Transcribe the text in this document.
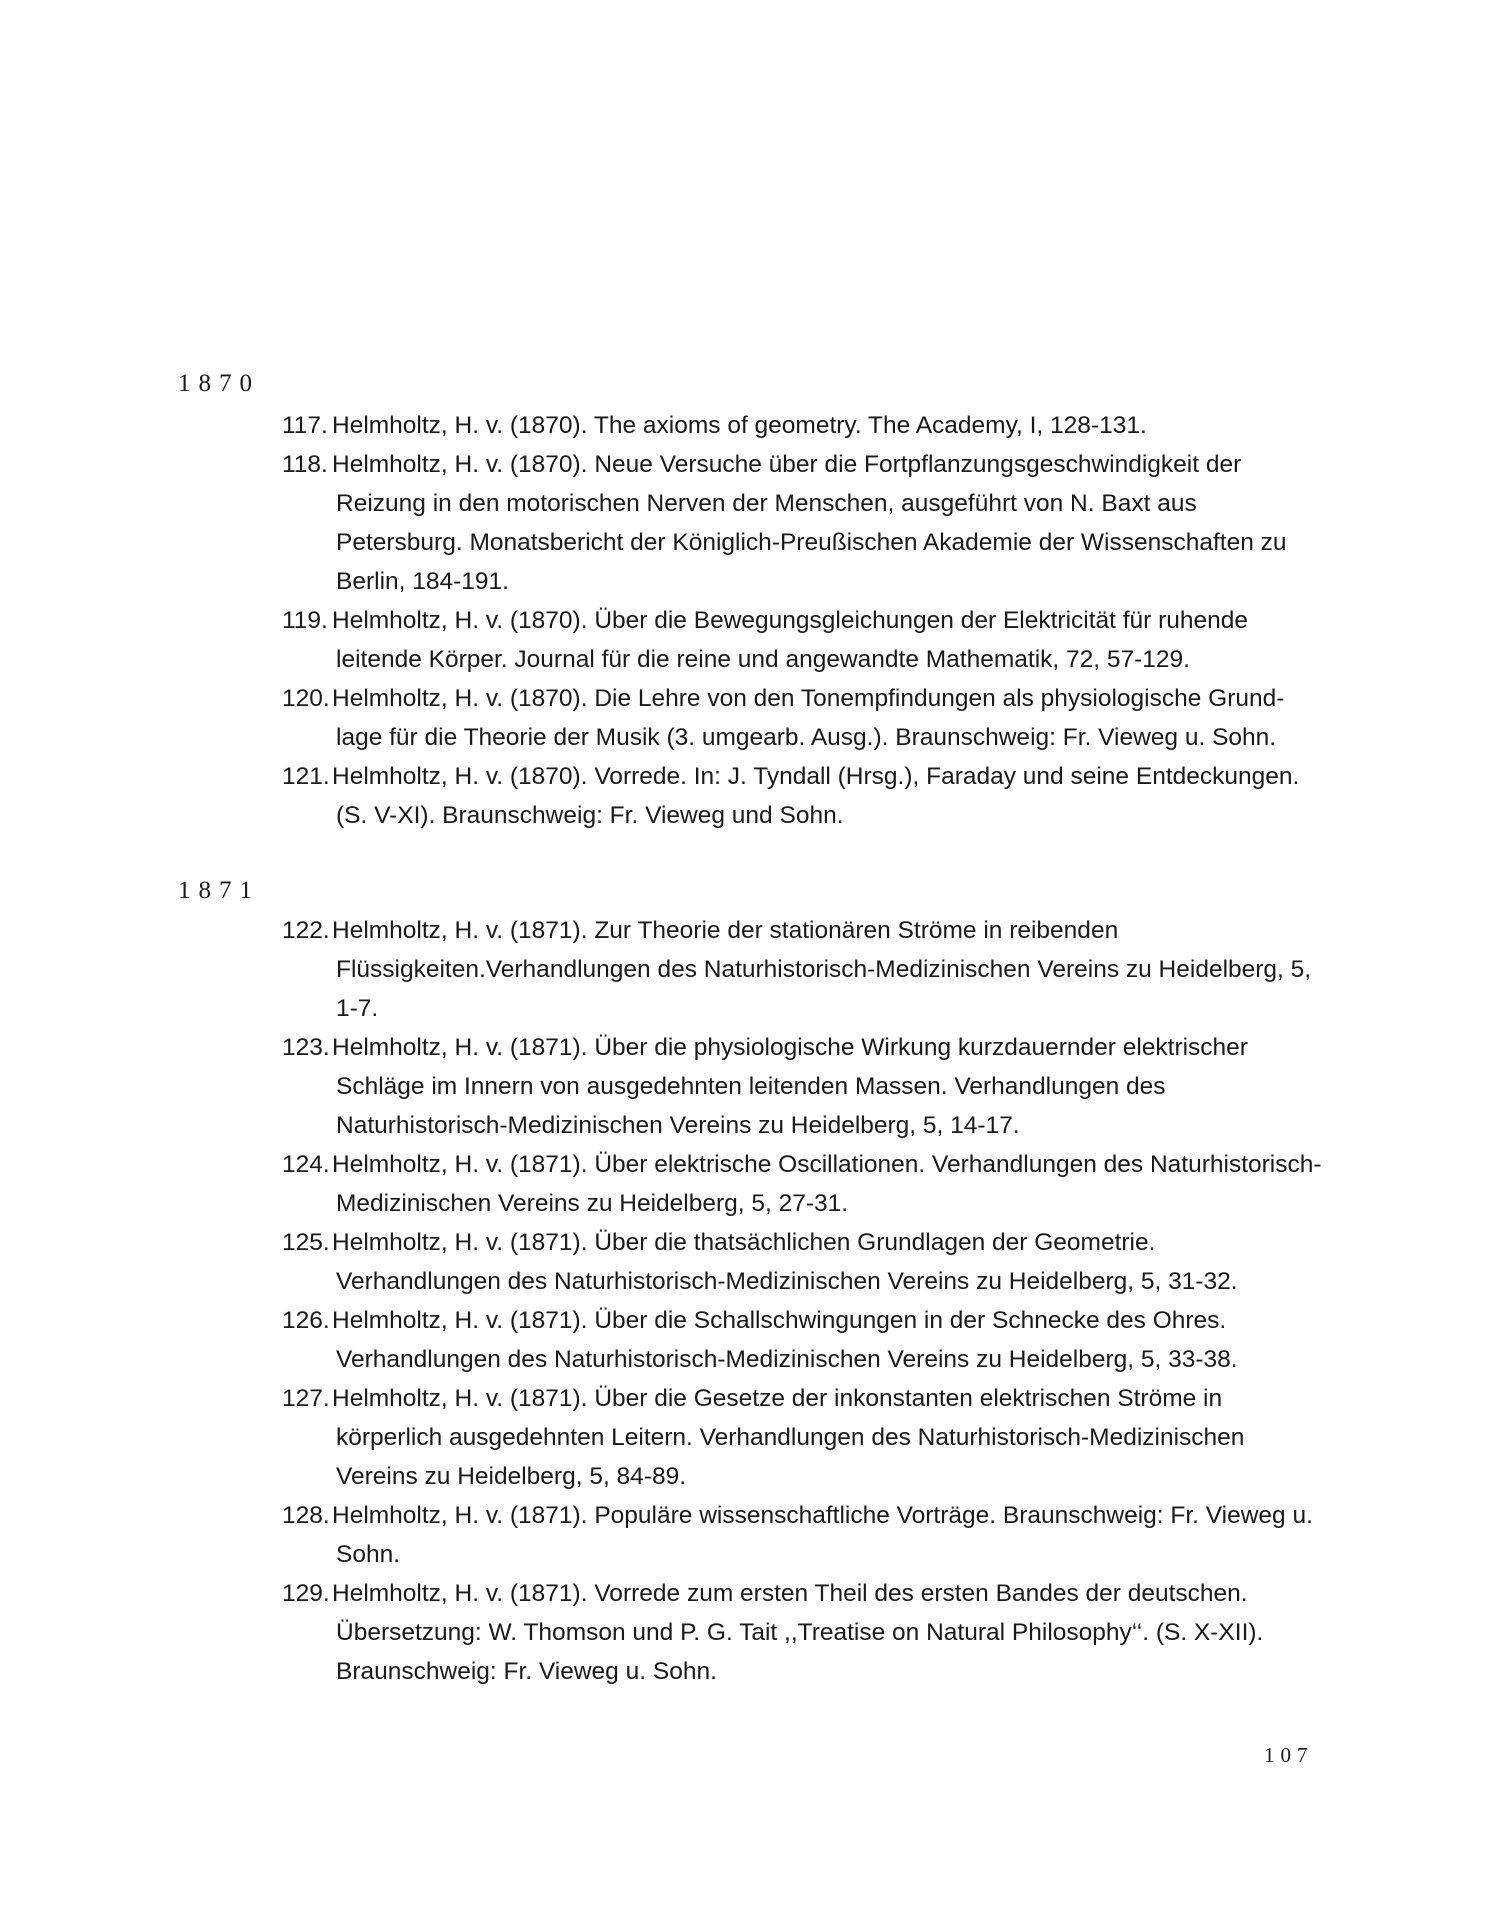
1870
117. Helmholtz, H. v. (1870). The axioms of geometry. The Academy, I, 128-131.
118. Helmholtz, H. v. (1870). Neue Versuche über die Fortpflanzungsgeschwindigkeit der Reizung in den motorischen Nerven der Menschen, ausgeführt von N. Baxt aus Petersburg. Monatsbericht der Königlich-Preußischen Akademie der Wissenschaften zu Berlin, 184-191.
119. Helmholtz, H. v. (1870). Über die Bewegungsgleichungen der Elektricität für ruhende leitende Körper. Journal für die reine und angewandte Mathematik, 72, 57-129.
120.Helmholtz, H. v. (1870). Die Lehre von den Tonempfindungen als physiologische Grund-lage für die Theorie der Musik (3. umgearb. Ausg.). Braunschweig: Fr. Vieweg u. Sohn.
121.Helmholtz, H. v. (1870). Vorrede. In: J. Tyndall (Hrsg.), Faraday und seine Entdeckungen. (S. V-XI). Braunschweig: Fr. Vieweg und Sohn.
1871
122.Helmholtz, H. v. (1871). Zur Theorie der stationären Ströme in reibenden Flüssigkeiten.Verhandlungen des Naturhistorisch-Medizinischen Vereins zu Heidelberg, 5, 1-7.
123.Helmholtz, H. v. (1871). Über die physiologische Wirkung kurzdauernder elektrischer Schläge im Innern von ausgedehnten leitenden Massen. Verhandlungen des Naturhistorisch-Medizinischen Vereins zu Heidelberg, 5, 14-17.
124.Helmholtz, H. v. (1871). Über elektrische Oscillationen. Verhandlungen des Naturhistorisch-Medizinischen Vereins zu Heidelberg, 5, 27-31.
125.Helmholtz, H. v. (1871). Über die thatsächlichen Grundlagen der Geometrie. Verhandlungen des Naturhistorisch-Medizinischen Vereins zu Heidelberg, 5, 31-32.
126.Helmholtz, H. v. (1871). Über die Schallschwingungen in der Schnecke des Ohres. Verhandlungen des Naturhistorisch-Medizinischen Vereins zu Heidelberg, 5, 33-38.
127.Helmholtz, H. v. (1871). Über die Gesetze der inkonstanten elektrischen Ströme in körperlich ausgedehnten Leitern. Verhandlungen des Naturhistorisch-Medizinischen Vereins zu Heidelberg, 5, 84-89.
128.Helmholtz, H. v. (1871). Populäre wissenschaftliche Vorträge. Braunschweig: Fr. Vieweg u. Sohn.
129.Helmholtz, H. v. (1871). Vorrede zum ersten Theil des ersten Bandes der deutschen. Übersetzung: W. Thomson und P. G. Tait ,,Treatise on Natural Philosophy‘‘. (S. X-XII). Braunschweig: Fr. Vieweg u. Sohn.
107
